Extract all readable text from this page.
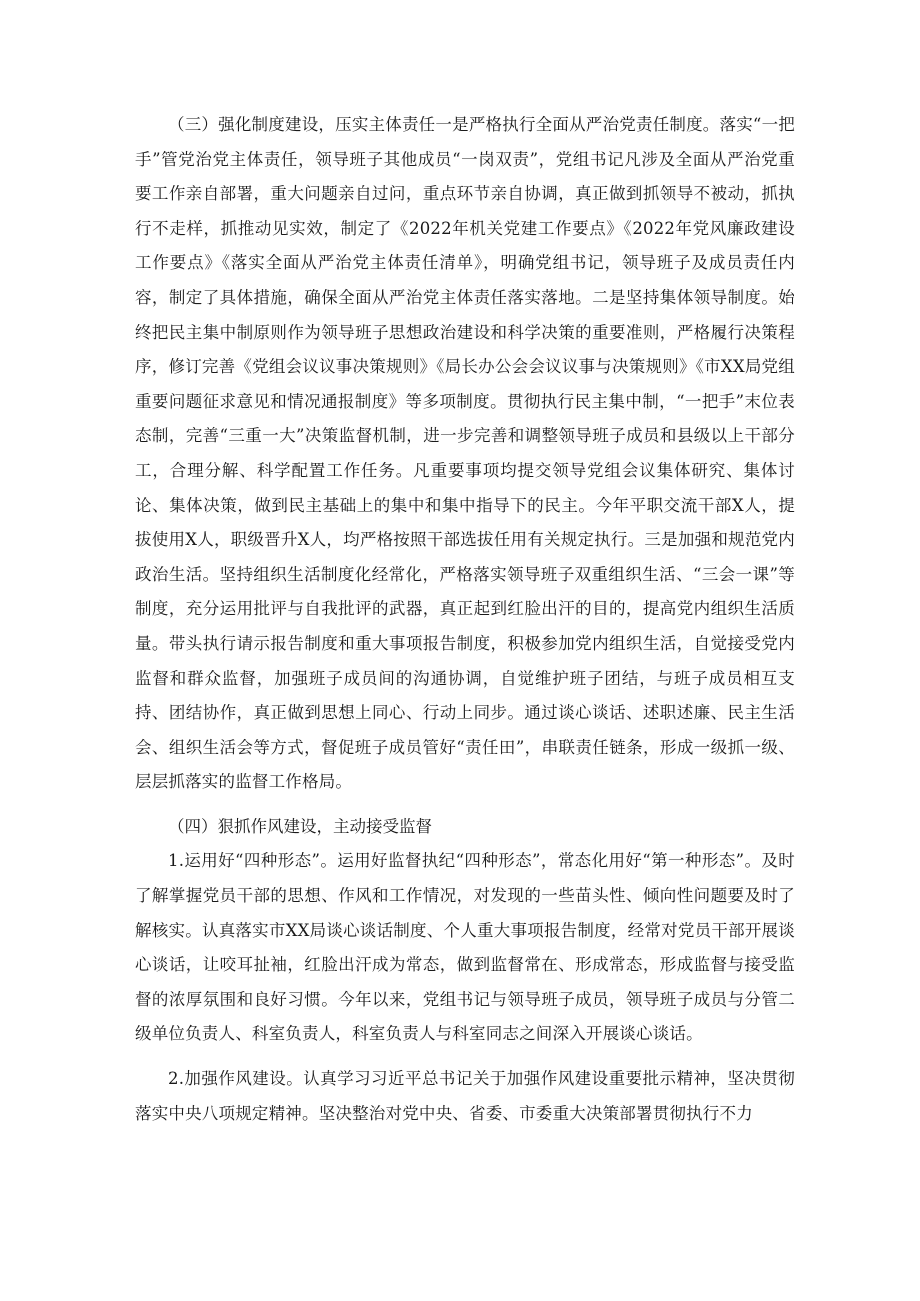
（三）强化制度建设，压实主体责任一是严格执行全面从严治党责任制度。落实“一把手”管党治党主体责任，领导班子其他成员“一岗双责”，党组书记凡涉及全面从严治党重要工作亲自部署，重大问题亲自过问，重点环节亲自协调，真正做到抓领导不被动，抓执行不走样，抓推动见实效，制定了《2022年机关党建工作要点》《2022年党风廉政建设工作要点》《落实全面从严治党主体责任清单》，明确党组书记，领导班子及成员责任内容，制定了具体措施，确保全面从严治党主体责任落实落地。二是坚持集体领导制度。始终把民主集中制原则作为领导班子思想政治建设和科学决策的重要准则，严格履行决策程序，修订完善《党组会议议事决策规则》《局长办公会会议议事与决策规则》《市XX局党组重要问题征求意见和情况通报制度》等多项制度。贯彻执行民主集中制，“一把手”末位表态制，完善“三重一大”决策监督机制，进一步完善和调整领导班子成员和县级以上干部分工，合理分解、科学配置工作任务。凡重要事项均提交领导党组会议集体研究、集体讨论、集体决策，做到民主基础上的集中和集中指导下的民主。今年平职交流干部X人，提拔使用X人，职级晋升X人，均严格按照干部选拔任用有关规定执行。三是加强和规范党内政治生活。坚持组织生活制度化经常化，严格落实领导班子双重组织生活、“三会一课”等制度，充分运用批评与自我批评的武器，真正起到红脸出汗的目的，提高党内组织生活质量。带头执行请示报告制度和重大事项报告制度，积极参加党内组织生活，自觉接受党内监督和群众监督，加强班子成员间的沟通协调，自觉维护班子团结，与班子成员相互支持、团结协作，真正做到思想上同心、行动上同步。通过谈心谈话、述职述廉、民主生活会、组织生活会等方式，督促班子成员管好“责任田”，串联责任链条，形成一级抓一级、层层抓落实的监督工作格局。

（四）狠抓作风建设，主动接受监督

1.运用好“四种形态”。运用好监督执纪“四种形态”，常态化用好“第一种形态”。及时了解掌握党员干部的思想、作风和工作情况，对发现的一些苗头性、倾向性问题要及时了解核实。认真落实市XX局谈心谈话制度、个人重大事项报告制度，经常对党员干部开展谈心谈话，让咬耳扯袖，红脸出汗成为常态，做到监督常在、形成常态，形成监督与接受监督的浓厚氛围和良好习惯。今年以来，党组书记与领导班子成员，领导班子成员与分管二级单位负责人、科室负责人，科室负责人与科室同志之间深入开展谈心谈话。

2.加强作风建设。认真学习习近平总书记关于加强作风建设重要批示精神，坚决贯彻落实中央八项规定精神。坚决整治对党中央、省委、市委重大决策部署贯彻执行不力
